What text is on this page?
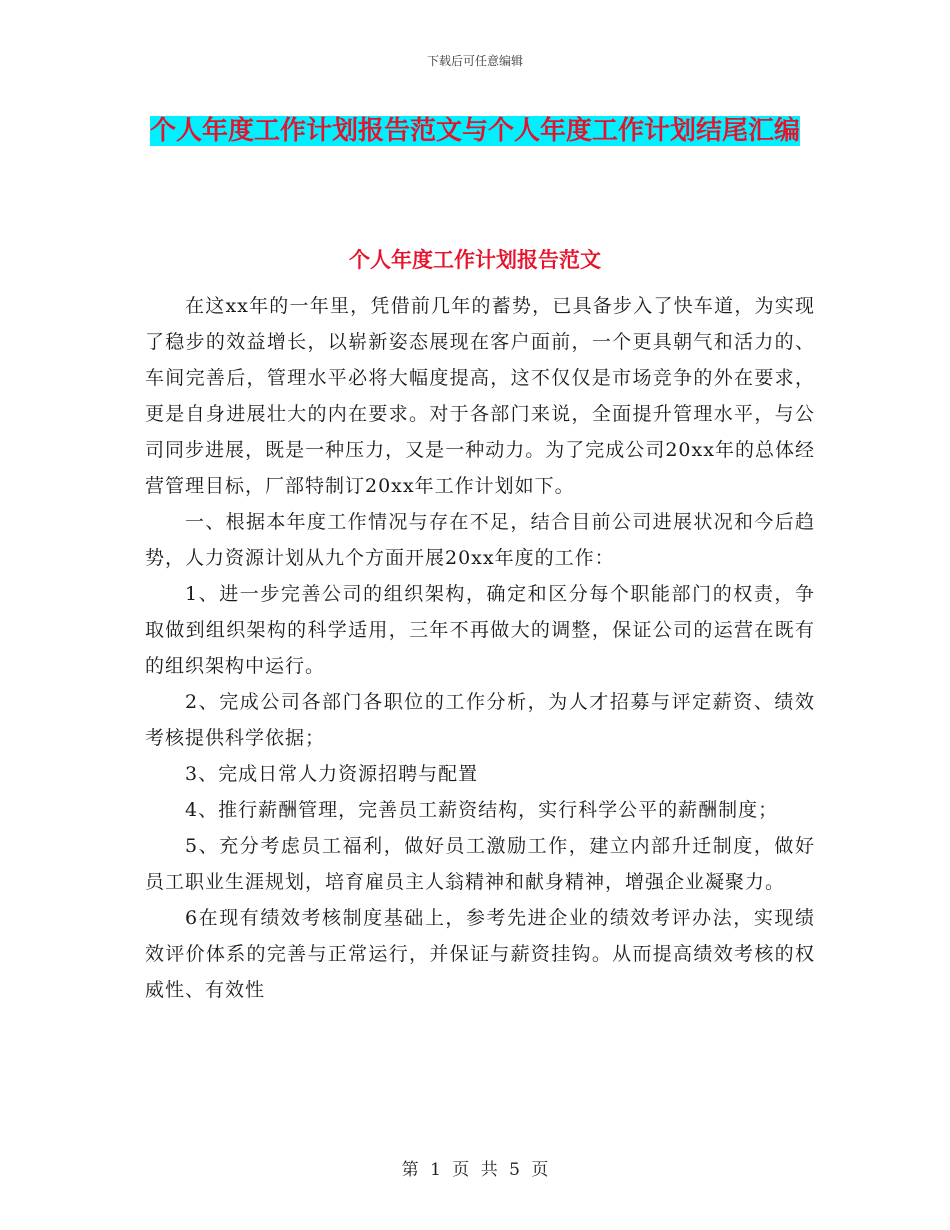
下载后可任意编辑
个人年度工作计划报告范文与个人年度工作计划结尾汇编
个人年度工作计划报告范文

在这xx年的一年里，凭借前几年的蓄势，已具备步入了快车道，为实现了稳步的效益增长，以崭新姿态展现在客户面前，一个更具朝气和活力的、车间完善后，管理水平必将大幅度提高，这不仅仅是市场竞争的外在要求，更是自身进展壮大的内在要求。对于各部门来说，全面提升管理水平，与公司同步进展，既是一种压力，又是一种动力。为了完成公司20xx年的总体经营管理目标，厂部特制订20xx年工作计划如下。

一、根据本年度工作情况与存在不足，结合目前公司进展状况和今后趋势，人力资源计划从九个方面开展20xx年度的工作：

1、进一步完善公司的组织架构，确定和区分每个职能部门的权责，争取做到组织架构的科学适用，三年不再做大的调整，保证公司的运营在既有的组织架构中运行。

2、完成公司各部门各职位的工作分析，为人才招募与评定薪资、绩效考核提供科学依据；

3、完成日常人力资源招聘与配置

4、推行薪酬管理，完善员工薪资结构，实行科学公平的薪酬制度；

5、充分考虑员工福利，做好员工激励工作，建立内部升迁制度，做好员工职业生涯规划，培育雇员主人翁精神和献身精神，增强企业凝聚力。

6在现有绩效考核制度基础上，参考先进企业的绩效考评办法，实现绩效评价体系的完善与正常运行，并保证与薪资挂钩。从而提高绩效考核的权威性、有效性

第 1 页 共 5 页
